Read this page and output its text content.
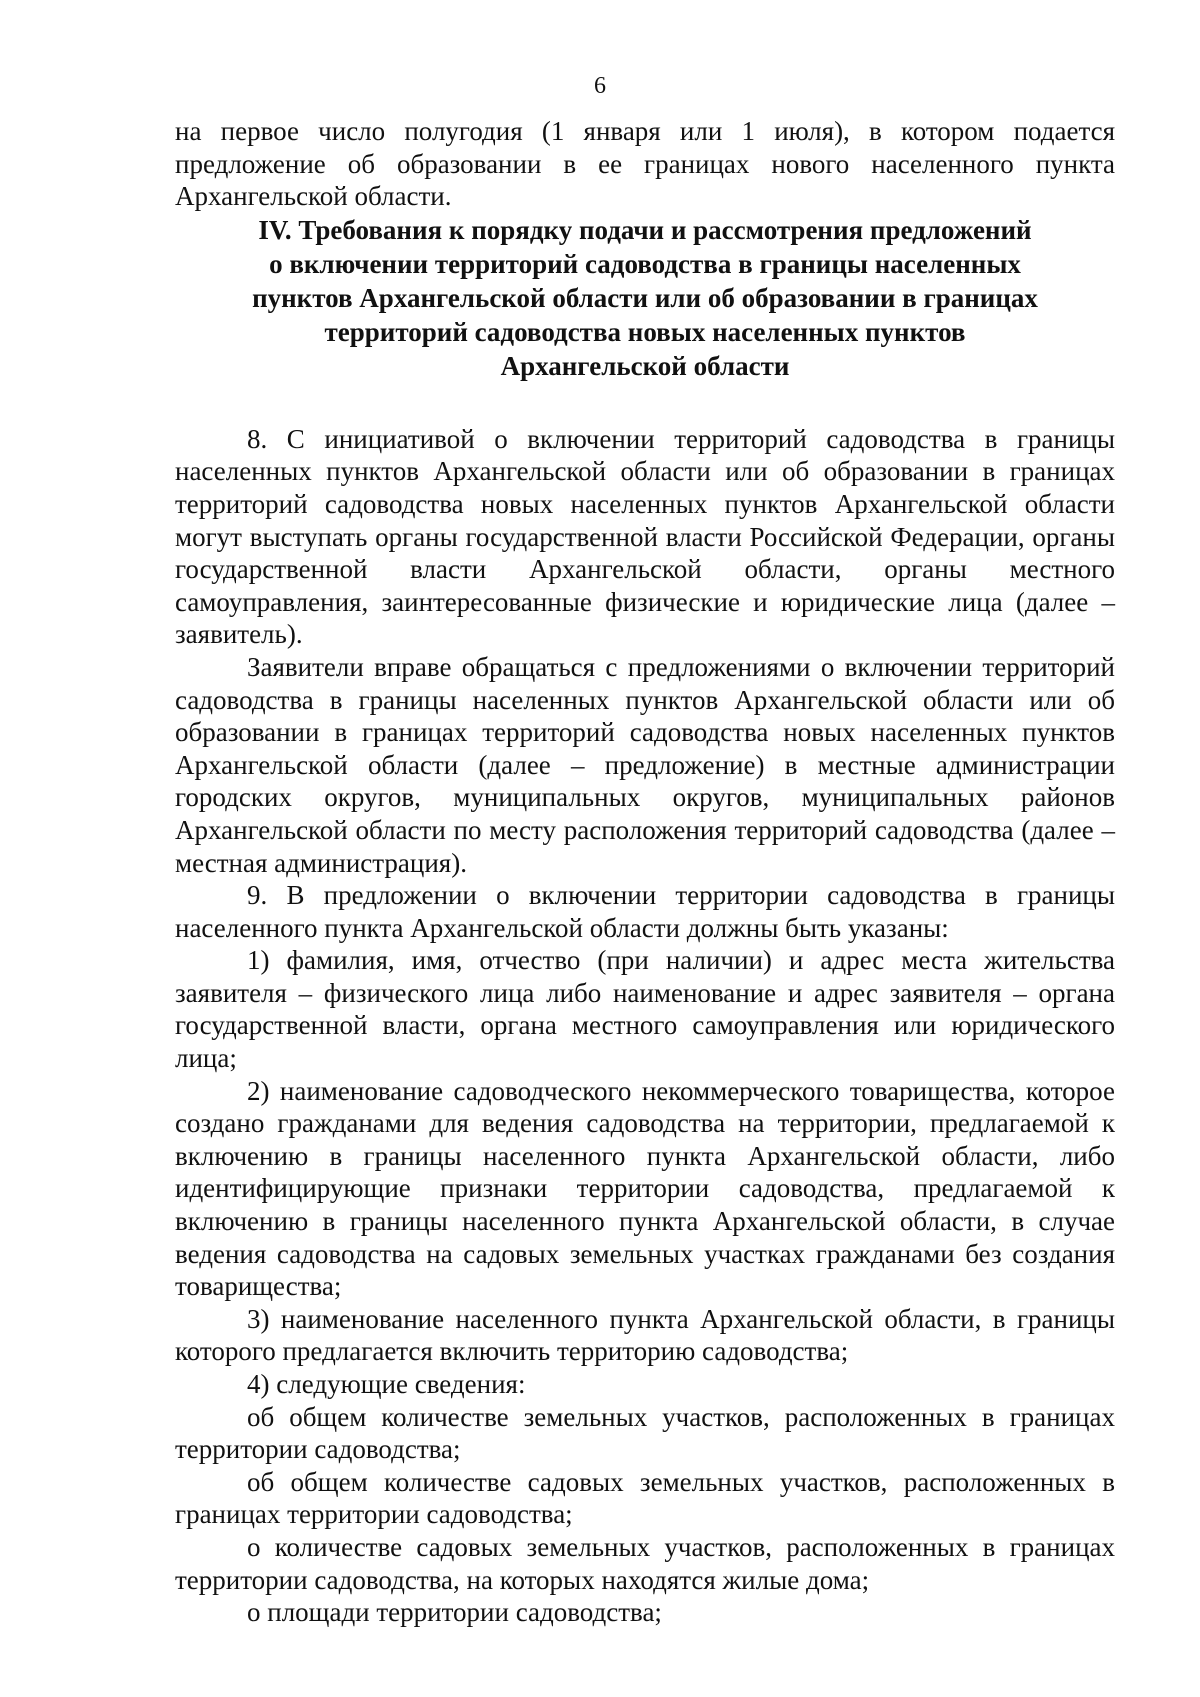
6

на первое число полугодия (1 января или 1 июля), в котором подается предложение об образовании в ее границах нового населенного пункта Архангельской области.

IV. Требования к порядку подачи и рассмотрения предложений
о включении территорий садоводства в границы населенных
пунктов Архангельской области или об образовании в границах
территорий садоводства новых населенных пунктов
Архангельской области

8. С инициативой о включении территорий садоводства в границы населенных пунктов Архангельской области или об образовании в границах территорий садоводства новых населенных пунктов Архангельской области могут выступать органы государственной власти Российской Федерации, органы государственной власти Архангельской области, органы местного самоуправления, заинтересованные физические и юридические лица (далее – заявитель).

Заявители вправе обращаться с предложениями о включении территорий садоводства в границы населенных пунктов Архангельской области или об образовании в границах территорий садоводства новых населенных пунктов Архангельской области (далее – предложение) в местные администрации городских округов, муниципальных округов, муниципальных районов Архангельской области по месту расположения территорий садоводства (далее – местная администрация).

9. В предложении о включении территории садоводства в границы населенного пункта Архангельской области должны быть указаны:

1) фамилия, имя, отчество (при наличии) и адрес места жительства заявителя – физического лица либо наименование и адрес заявителя – органа государственной власти, органа местного самоуправления или юридического лица;

2) наименование садоводческого некоммерческого товарищества, которое создано гражданами для ведения садоводства на территории, предлагаемой к включению в границы населенного пункта Архангельской области, либо идентифицирующие признаки территории садоводства, предлагаемой к включению в границы населенного пункта Архангельской области, в случае ведения садоводства на садовых земельных участках гражданами без создания товарищества;

3) наименование населенного пункта Архангельской области, в границы которого предлагается включить территорию садоводства;

4) следующие сведения:

об общем количестве земельных участков, расположенных в границах территории садоводства;

об общем количестве садовых земельных участков, расположенных в границах территории садоводства;

о количестве садовых земельных участков, расположенных в границах территории садоводства, на которых находятся жилые дома;

о площади территории садоводства;
